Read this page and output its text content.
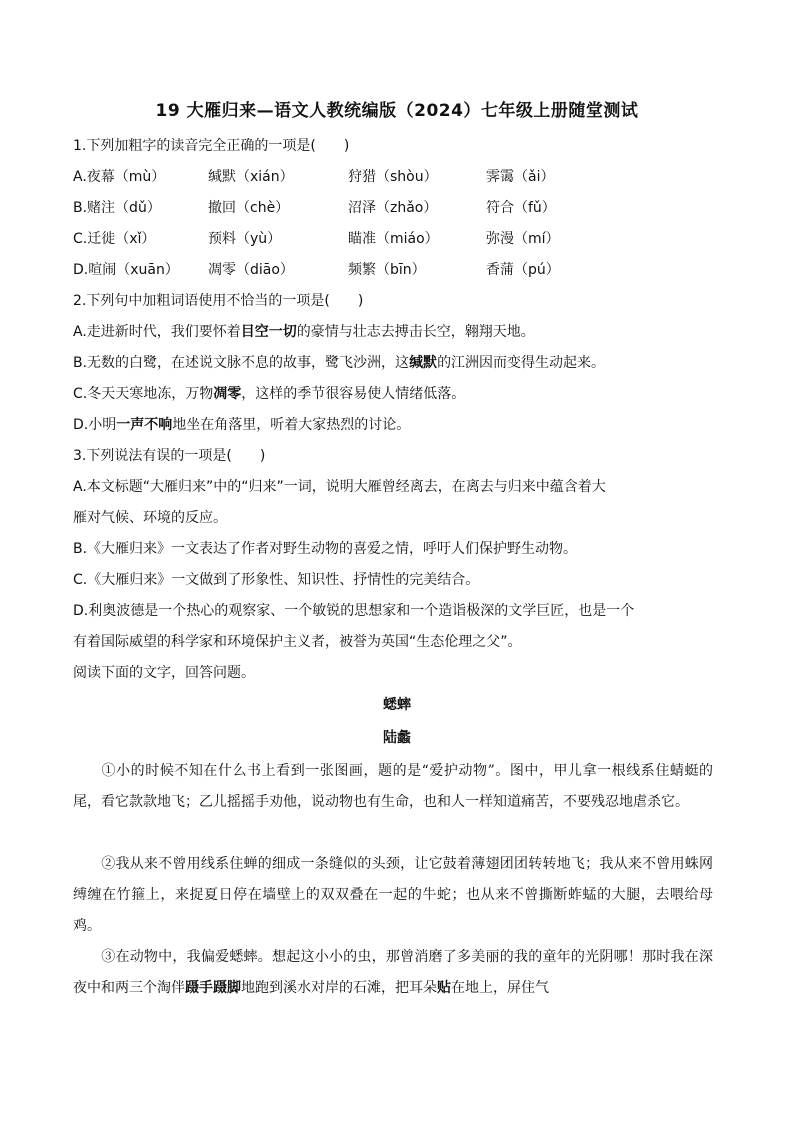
19 大雁归来—语文人教统编版（2024）七年级上册随堂测试
1.下列加粗字的读音完全正确的一项是(　　)
A.夜幕（mù）	缄默（xián）	狩猎（shòu）	霁霭（ǎi）
B.赌注（dǔ）	撤回（chè）	沼泽（zhǎo）	符合（fǔ）
C.迁徙（xǐ）	预料（yù）	瞄准（miáo）	弥漫（mí）
D.喧闹（xuān） 凋零（diāo）	频繁（bīn）	香蒲（pú）
2.下列句中加粗词语使用不恰当的一项是(　　)
A.走进新时代，我们要怀着目空一切的豪情与壮志去搏击长空，翱翔天地。
B.无数的白鹭，在述说文脉不息的故事，鹭飞沙洲，这缄默的江洲因而变得生动起来。
C.冬天天寒地冻，万物凋零，这样的季节很容易使人情绪低落。
D.小明一声不响地坐在角落里，听着大家热烈的讨论。
3.下列说法有误的一项是(　　)
A.本文标题“大雁归来”中的“归来”一词，说明大雁曾经离去，在离去与归来中蕴含着大
雁对气候、环境的反应。
B.《大雁归来》一文表达了作者对野生动物的喜爱之情，呼吁人们保护野生动物。
C.《大雁归来》一文做到了形象性、知识性、抒情性的完美结合。
D.利奥波德是一个热心的观察家、一个敏锐的思想家和一个造诣极深的文学巨匠，也是一个
有着国际威望的科学家和环境保护主义者，被誉为英国“生态伦理之父”。
阅读下面的文字，回答问题。
蟋蟀
陆蠡
①小的时候不知在什么书上看到一张图画，题的是“爱护动物”。图中，甲儿拿一根线系住蜻蜓的尾，看它款款地飞；乙儿摇摇手劝他，说动物也有生命，也和人一样知道痛苦，不要残忍地虐杀它。
②我从来不曾用线系住蝉的细成一条缝似的头颈，让它鼓着薄翅团团转转地飞；我从来不曾用蛛网缚缠在竹箍上，来捉夏日停在墙壁上的双双叠在一起的牛蛇；也从来不曾撕断蚱蜢的大腿，去喂给母鸡。
③在动物中，我偏爱蟋蟀。想起这小小的虫，那曾消磨了多美丽的我的童年的光阴哪！那时我在深夜中和两三个淘伴蹑手蹑脚地跑到溪水对岸的石滩，把耳朵贴在地上，屏住气
